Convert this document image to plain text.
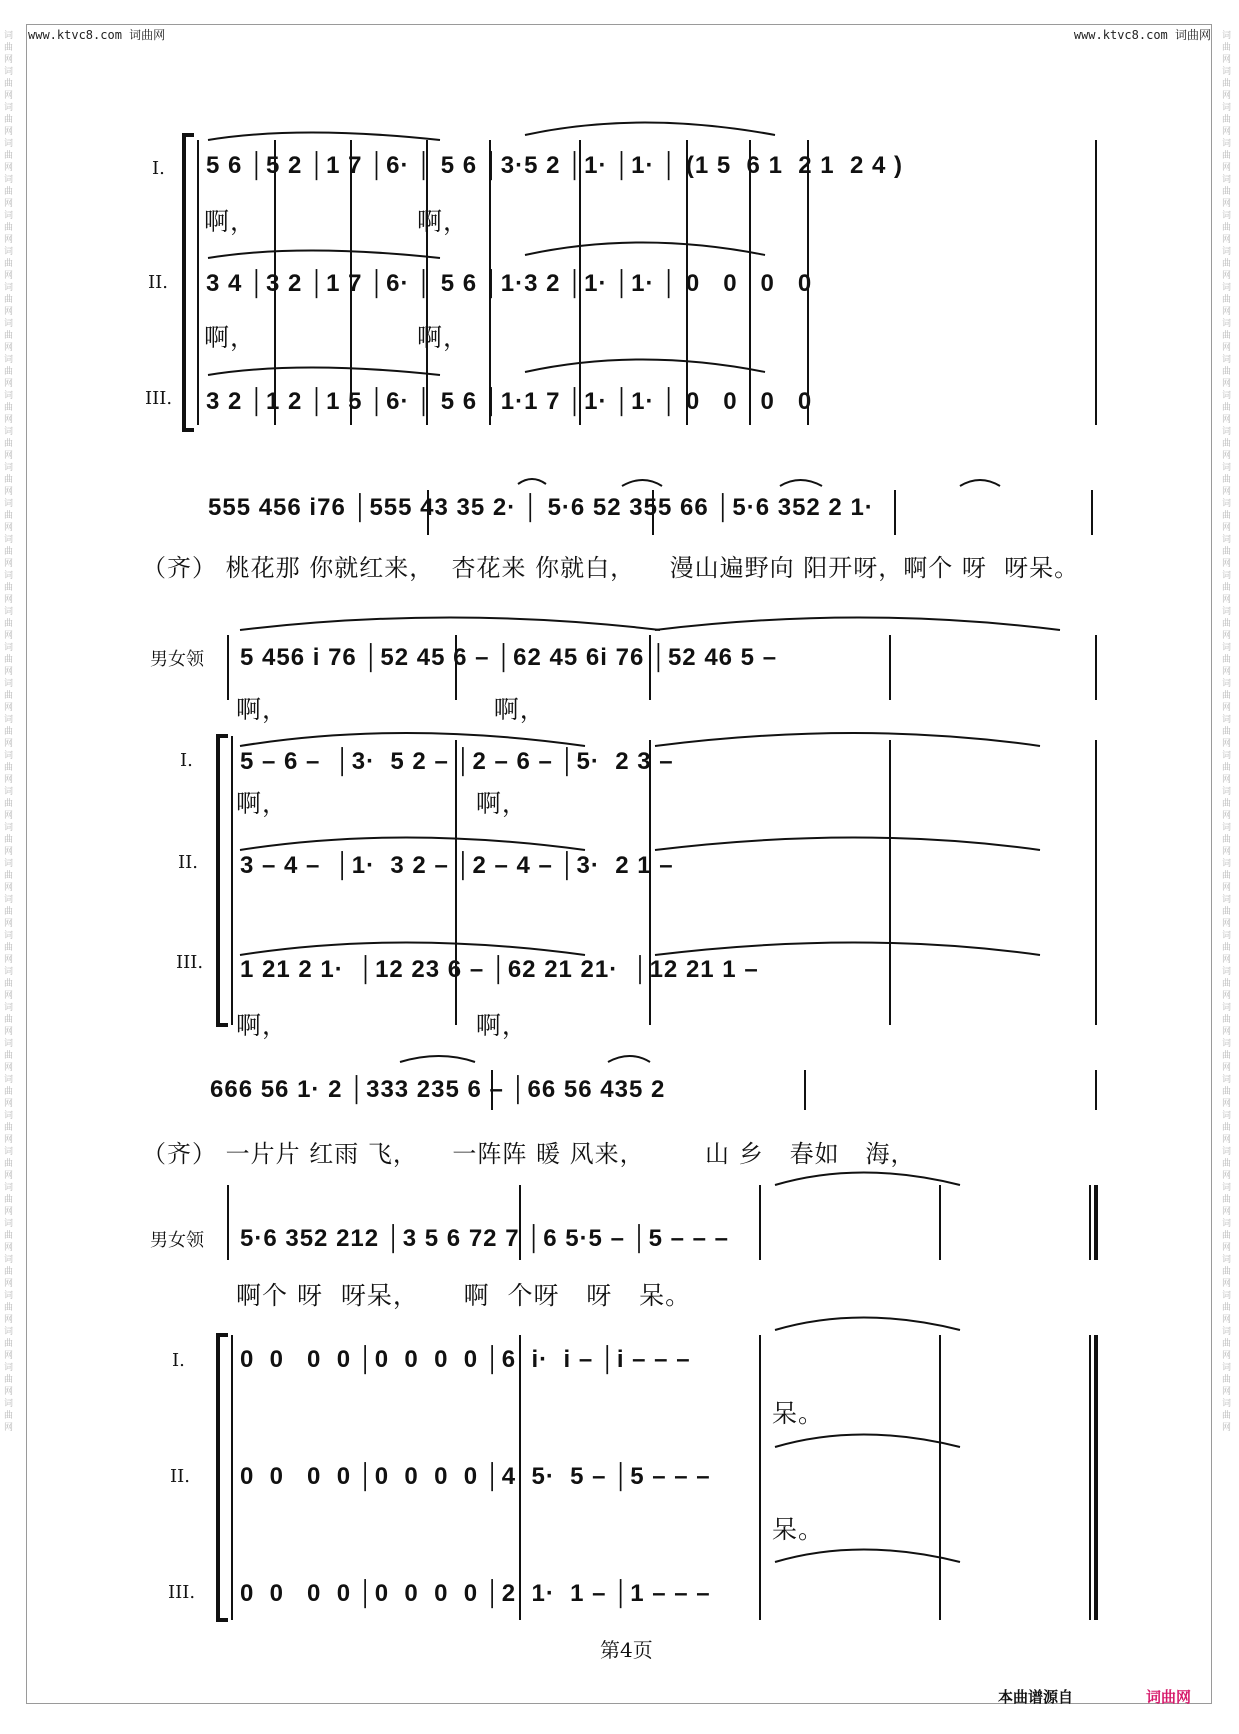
词曲网词曲网词曲网词曲网词曲网词曲网词曲网词曲网词曲网词曲网词曲网词曲网词曲网词曲网词曲网词曲网词曲网词曲网词曲网词曲网词曲网词曲网词曲网词曲网词曲网词曲网词曲网词曲网词曲网词曲网词曲网词曲网词曲网词曲网词曲网词曲网词曲网词曲网词曲网
词曲网词曲网词曲网词曲网词曲网词曲网词曲网词曲网词曲网词曲网词曲网词曲网词曲网词曲网词曲网词曲网词曲网词曲网词曲网词曲网词曲网词曲网词曲网词曲网词曲网词曲网词曲网词曲网词曲网词曲网词曲网词曲网词曲网词曲网词曲网词曲网词曲网词曲网词曲网
www.ktvc8.com 词曲网	www.ktvc8.com 词曲网
I.
II.
III.
5 6 │5 2 │1 7 │6· │ 5 6 │3·5 2 │1· │1· │ (1 5  6 1  2 1  2 4 )
啊，                  啊，
3 4 │3 2 │1 7 │6· │ 5 6 │1·3 2 │1· │1· │ 0   0   0   0
啊，                  啊，
3 2 │1 2 │1 5 │6· │ 5 6 │1·1 7 │1· │1· │ 0   0   0   0
555 456 i76 │555 43 35 2· │ 5·6 52 355 66 │5·6 352 2 1·
（齐） 桃花那 你就红来，  杏花来 你就白，    漫山遍野向 阳开呀，啊个 呀  呀呆。
男女领 5 456 i 76 │52 45 6 – │62 45 6i 76 │52 46 5 –
啊，                       啊，
I. 5 – 6 –  │3·  5 2 – │2 – 6 – │5·  2 3 –
啊，                     啊，
II. 3 – 4 –  │1·  3 2 – │2 – 4 – │3·  2 1 –
III. 1 21 2 1·  │12 23 6 – │62 21 21·  │12 21 1 –
啊，                     啊，
666 56 1· 2 │333 235 6 – │66 56 435 2
（齐） 一片片 红雨 飞，    一阵阵 暖 风来，       山 乡   春如   海，
男女领 5·6 352 212 │3 5 6 72 7 │6 5·5 – │5 – – –
啊个 呀  呀呆，     啊  个呀   呀   呆。
I. 0  0   0  0 │0  0  0  0 │6  i·  i – │i – – –
呆。
II. 0  0   0  0 │0  0  0  0 │4  5·  5 – │5 – – –
呆。
III. 0  0   0  0 │0  0  0  0 │2  1·  1 – │1 – – –
第4页
本曲谱源自	词曲网
